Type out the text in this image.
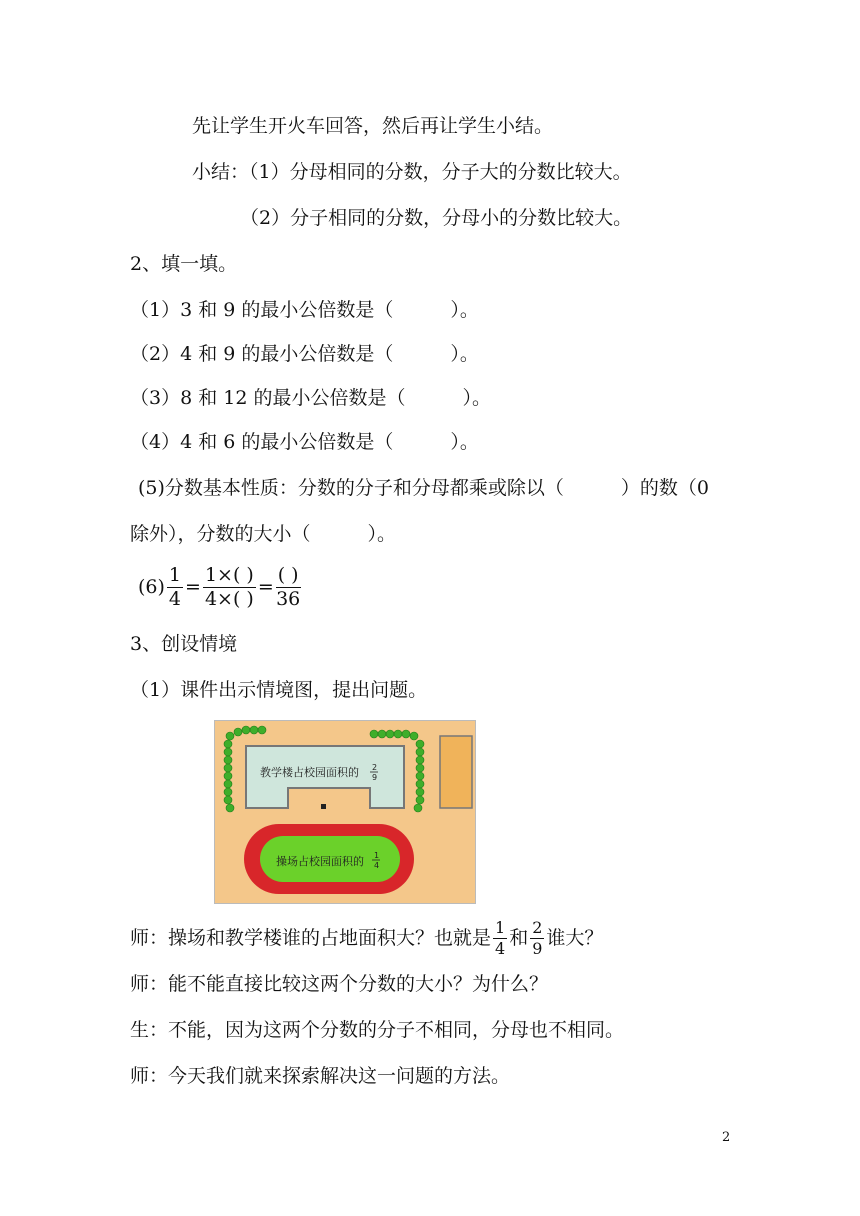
先让学生开火车回答，然后再让学生小结。
小结：（1）分母相同的分数，分子大的分数比较大。
（2）分子相同的分数，分母小的分数比较大。
2、填一填。
（1）3 和 9 的最小公倍数是（　　　）。
（2）4 和 9 的最小公倍数是（　　　）。
（3）8 和 12 的最小公倍数是（　　　）。
（4）4 和 6 的最小公倍数是（　　　）。
(5)分数基本性质：分数的分子和分母都乘或除以（　　　）的数（0
除外），分数的大小（　　　）。
$(6) \frac{1}{4} = \frac{1\times( )}{4\times( )} = \frac{( )}{36}$
3、创设情境
（1）课件出示情境图，提出问题。
教学楼占校园面积的 2
9
操场占校园面积的 1
4
师：操场和教学楼谁的占地面积大？也就是 $\frac{1}{4}$ 和 $\frac{2}{9}$ 谁大？
师：能不能直接比较这两个分数的大小？为什么？
生：不能，因为这两个分数的分子不相同，分母也不相同。
师：今天我们就来探索解决这一问题的方法。
2
